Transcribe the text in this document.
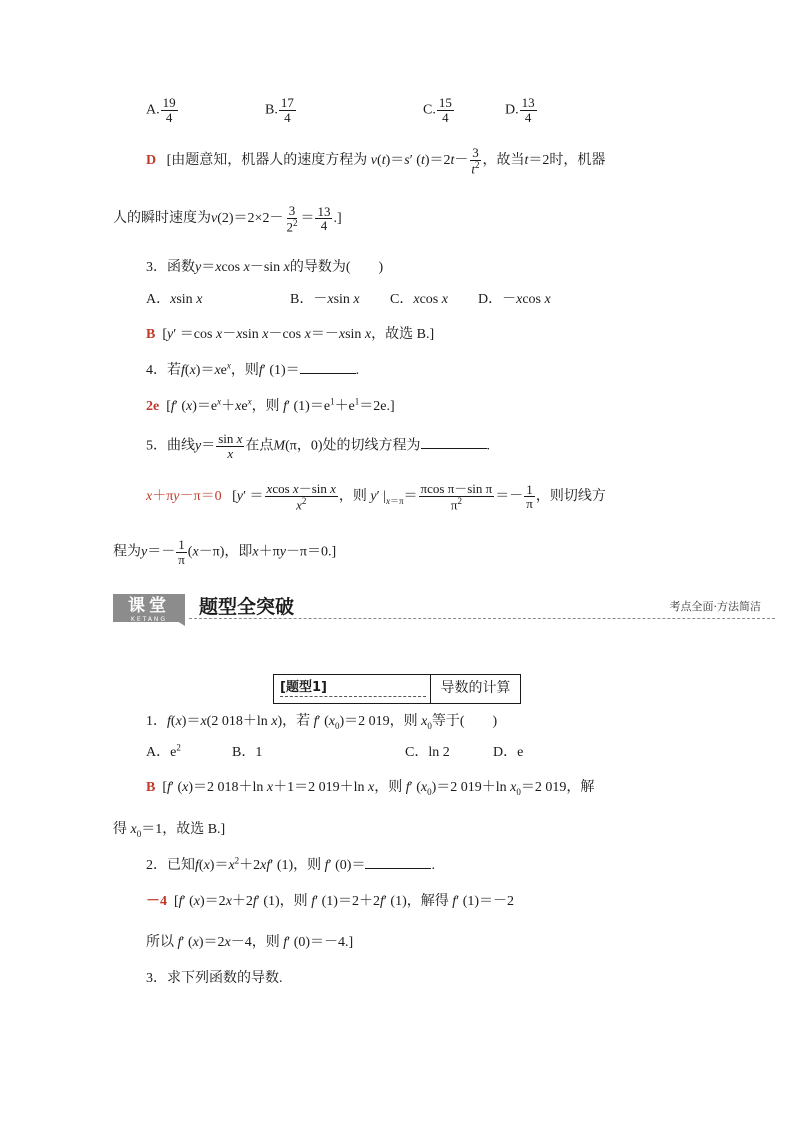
A. $\frac{19}{4}$	B. $\frac{17}{4}$	C. $\frac{15}{4}$	D. $\frac{13}{4}$
D [由题意知，机器人的速度方程为 v(t)＝s′ $(t)=2t- \frac{3}{t^2}$ ，故当t＝2时，机器
人的瞬时速度为$v(2)=2\times 2- \frac{3}{2^2} = \frac{13}{4}$ .]
3．函数y＝xcos x－sin x的导数为(　　)
A．xsin x	B．－xsin x C．xcos x D．－xcos x
B  [y′ ＝cos x－xsin x－cos x＝－xsin x，故选 B.]
4．若$f(x)=xe^x$，则f′ (1)＝	.
2e  [f′ $(x)=e^x+xe^x$，则 f′ $(1)=e^1+e^1=2e$.]
5．曲线$y= \frac{\text{sin x}}{x}$ 在点M(π，0)处的切线方程为	.
x＋πy－π＝0   [$y' = \frac{\text{xcos x－sin x}}{x^2}$ ，则 y′ $|_{x=\pi}= \frac{\text{πcos π－sin π}}{\pi^2} =- \frac{1}{\pi}$ ，则切线方
程为$y=- \frac{1}{\pi} (x-\pi)$，即x＋πy－π＝0.]
课堂
KETANG
题型全突破	考点全面·方法简洁
[题型1]	导数的计算
1．f(x)＝x(2 018＋ln x)，若 f′ $(x_0)=2$ 019，则 $x_0$等于(　　)
A．$e^2$	B．1	C．ln 2	D．e
B  [f′ (x)＝2 018＋ln x＋1＝2 019＋ln x，则 f′ $(x_0)=2$ 019＋ln $x_0=2$ 019，解
得 $x_0=1$，故选 B.]
2．已知$f(x)=x^2+2xf'$ (1)，则 f′ (0)＝	.
－4  [f′ (x)＝2x＋2f′ (1)，则 f′ (1)＝2＋2f′ (1)，解得 f′ (1)＝－2
所以 f′ (x)＝2x－4，则 f′ (0)＝－4.]
3．求下列函数的导数.
